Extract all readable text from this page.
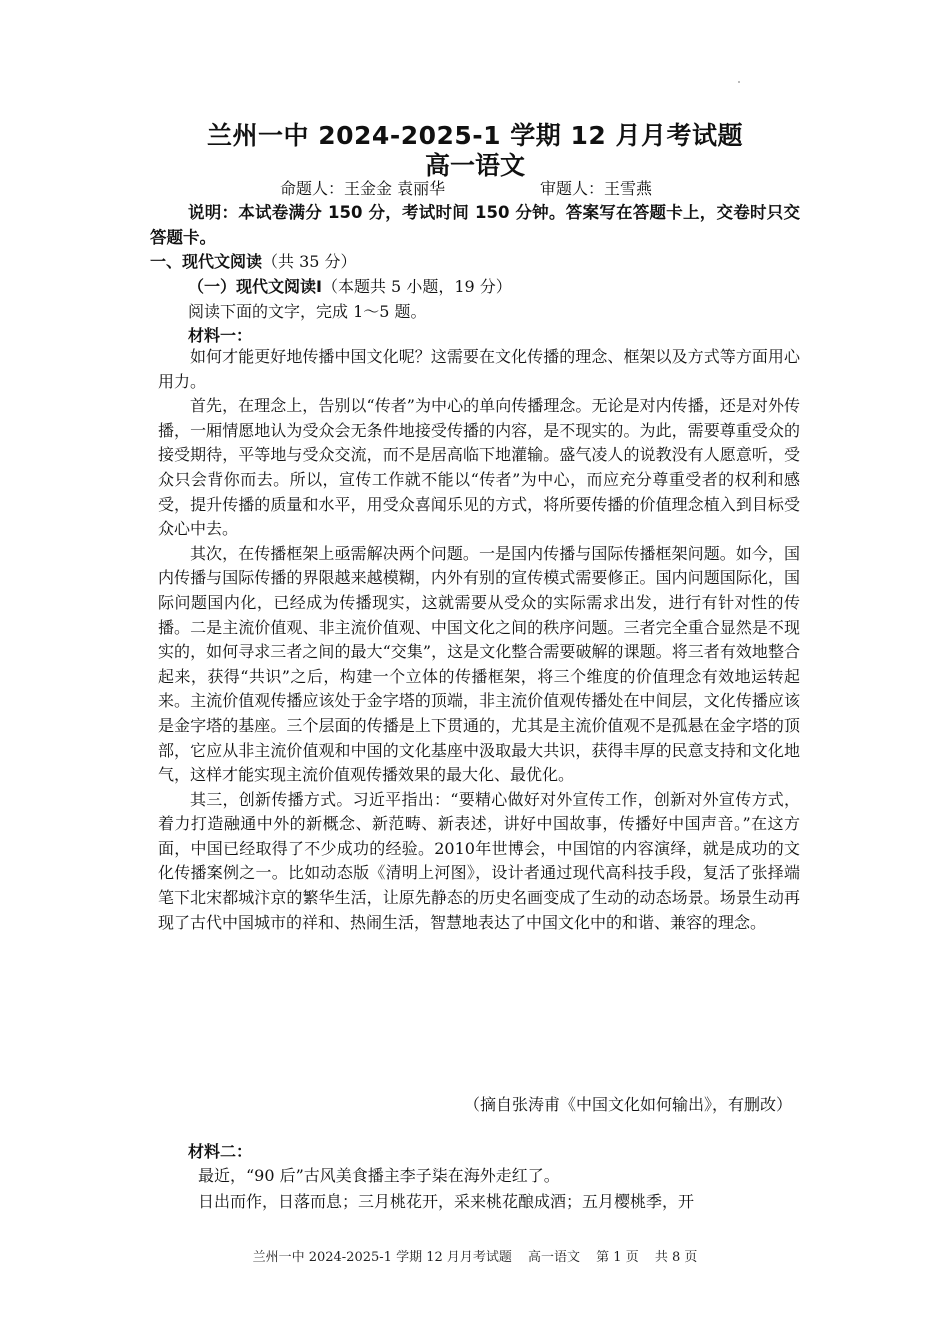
兰州一中 2024-2025-1 学期 12 月月考试题
高一语文
命题人：王金金 袁丽华	审题人：王雪燕
说明：本试卷满分 150 分，考试时间 150 分钟。答案写在答题卡上，交卷时只交答题卡。
一、现代文阅读（共 35 分）
（一）现代文阅读Ⅰ（本题共 5 小题，19 分）
阅读下面的文字，完成 1～5 题。
材料一：

如何才能更好地传播中国文化呢？这需要在文化传播的理念、框架以及方式等方面用心用力。

首先，在理念上，告别以“传者”为中心的单向传播理念。无论是对内传播，还是对外传播，一厢情愿地认为受众会无条件地接受传播的内容，是不现实的。为此，需要尊重受众的接受期待，平等地与受众交流，而不是居高临下地灌输。盛气凌人的说教没有人愿意听，受众只会背你而去。所以，宣传工作就不能以“传者”为中心，而应充分尊重受者的权利和感受，提升传播的质量和水平，用受众喜闻乐见的方式，将所要传播的价值理念植入到目标受众心中去。

其次，在传播框架上亟需解决两个问题。一是国内传播与国际传播框架问题。如今，国内传播与国际传播的界限越来越模糊，内外有别的宣传模式需要修正。国内问题国际化，国际问题国内化，已经成为传播现实，这就需要从受众的实际需求出发，进行有针对性的传播。二是主流价值观、非主流价值观、中国文化之间的秩序问题。三者完全重合显然是不现实的，如何寻求三者之间的最大“交集”，这是文化整合需要破解的课题。将三者有效地整合起来，获得“共识”之后，构建一个立体的传播框架，将三个维度的价值理念有效地运转起来。主流价值观传播应该处于金字塔的顶端，非主流价值观传播处在中间层，文化传播应该是金字塔的基座。三个层面的传播是上下贯通的，尤其是主流价值观不是孤悬在金字塔的顶部，它应从非主流价值观和中国的文化基座中汲取最大共识，获得丰厚的民意支持和文化地气，这样才能实现主流价值观传播效果的最大化、最优化。

其三，创新传播方式。习近平指出：“要精心做好对外宣传工作，创新对外宣传方式，着力打造融通中外的新概念、新范畴、新表述，讲好中国故事，传播好中国声音。”在这方面，中国已经取得了不少成功的经验。2010年世博会，中国馆的内容演绎，就是成功的文化传播案例之一。比如动态版《清明上河图》，设计者通过现代高科技手段，复活了张择端笔下北宋都城汴京的繁华生活，让原先静态的历史名画变成了生动的动态场景。场景生动再现了古代中国城市的祥和、热闹生活，智慧地表达了中国文化中的和谐、兼容的理念。

（摘自张涛甫《中国文化如何输出》，有删改）
材料二：

最近，“90 后”古风美食播主李子柒在海外走红了。

日出而作，日落而息；三月桃花开，采来桃花酿成酒；五月樱桃季，开

兰州一中 2024-2025-1 学期 12 月月考试题 高一语文 第 1 页 共 8 页
